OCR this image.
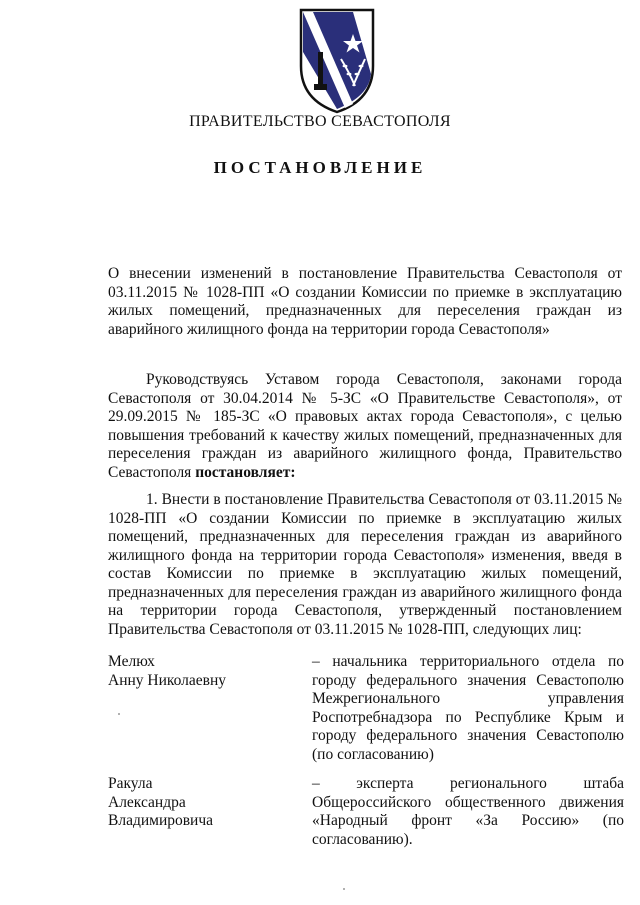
ПРАВИТЕЛЬСТВО СЕВАСТОПОЛЯ
ПОСТАНОВЛЕНИЕ
О внесении изменений в постановление Правительства Севастополя от 03.11.2015 № 1028-ПП «О создании Комиссии по приемке в эксплуатацию жилых помещений, предназначенных для переселения граждан из аварийного жилищного фонда на территории города Севастополя»
Руководствуясь Уставом города Севастополя, законами города Севастополя от 30.04.2014 № 5-ЗС «О Правительстве Севастополя», от 29.09.2015 № 185-ЗС «О правовых актах города Севастополя», с целью повышения требований к качеству жилых помещений, предназначенных для переселения граждан из аварийного жилищного фонда, Правительство Севастополя постановляет:
1. Внести в постановление Правительства Севастополя от 03.11.2015 № 1028-ПП «О создании Комиссии по приемке в эксплуатацию жилых помещений, предназначенных для переселения граждан из аварийного жилищного фонда на территории города Севастополя» изменения, введя в состав Комиссии по приемке в эксплуатацию жилых помещений, предназначенных для переселения граждан из аварийного жилищного фонда на территории города Севастополя, утвержденный постановлением Правительства Севастополя от 03.11.2015 № 1028-ПП, следующих лиц:
Мелюх
Анну Николаевну
– начальника территориального отдела по городу федерального значения Севастополю Межрегионального управления Роспотребнадзора по Республике Крым и городу федерального значения Севастополю (по согласованию)
Ракула
Александра
Владимировича
– эксперта регионального штаба Общероссийского общественного движения «Народный фронт «За Россию» (по согласованию).
